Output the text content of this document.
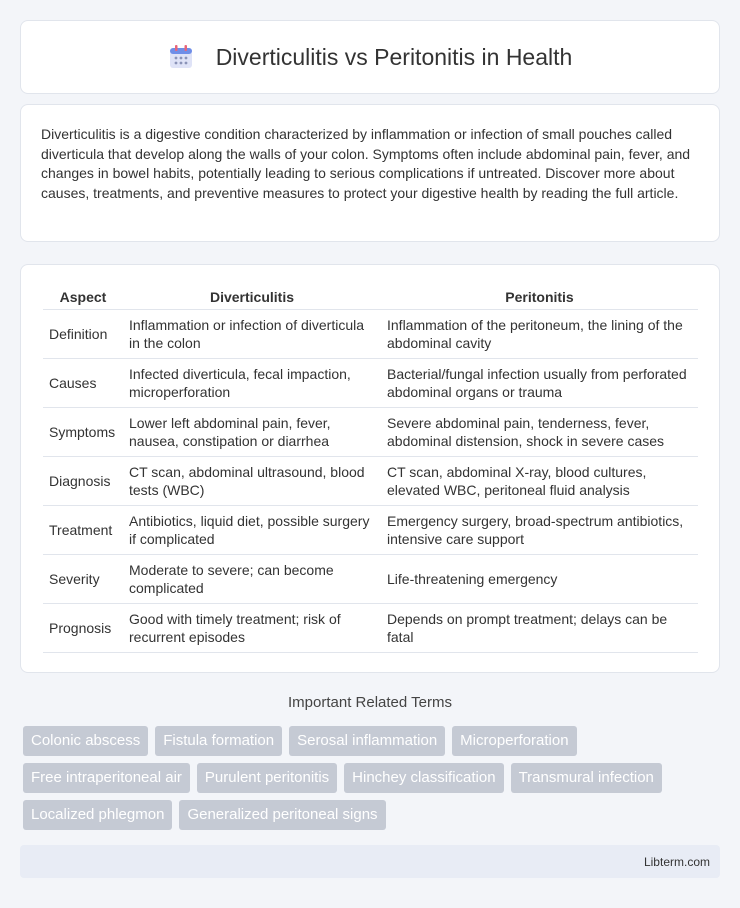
Diverticulitis vs Peritonitis in Health

Diverticulitis is a digestive condition characterized by inflammation or infection of small pouches called diverticula that develop along the walls of your colon. Symptoms often include abdominal pain, fever, and changes in bowel habits, potentially leading to serious complications if untreated. Discover more about causes, treatments, and preventive measures to protect your digestive health by reading the full article.

Aspect	Diverticulitis	Peritonitis
Definition	Inflammation or infection of diverticula in the colon	Inflammation of the peritoneum, the lining of the abdominal cavity
Causes	Infected diverticula, fecal impaction, microperforation	Bacterial/fungal infection usually from perforated abdominal organs or trauma
Symptoms	Lower left abdominal pain, fever, nausea, constipation or diarrhea	Severe abdominal pain, tenderness, fever, abdominal distension, shock in severe cases
Diagnosis	CT scan, abdominal ultrasound, blood tests (WBC)	CT scan, abdominal X-ray, blood cultures, elevated WBC, peritoneal fluid analysis
Treatment	Antibiotics, liquid diet, possible surgery if complicated	Emergency surgery, broad-spectrum antibiotics, intensive care support
Severity	Moderate to severe; can become complicated	Life-threatening emergency
Prognosis	Good with timely treatment; risk of recurrent episodes	Depends on prompt treatment; delays can be fatal
Important Related Terms
Colonic abscess	Fistula formation	Serosal inflammation	Microperforation
Free intraperitoneal air	Purulent peritonitis	Hinchey classification	Transmural infection
Localized phlegmon	Generalized peritoneal signs
Libterm.com
